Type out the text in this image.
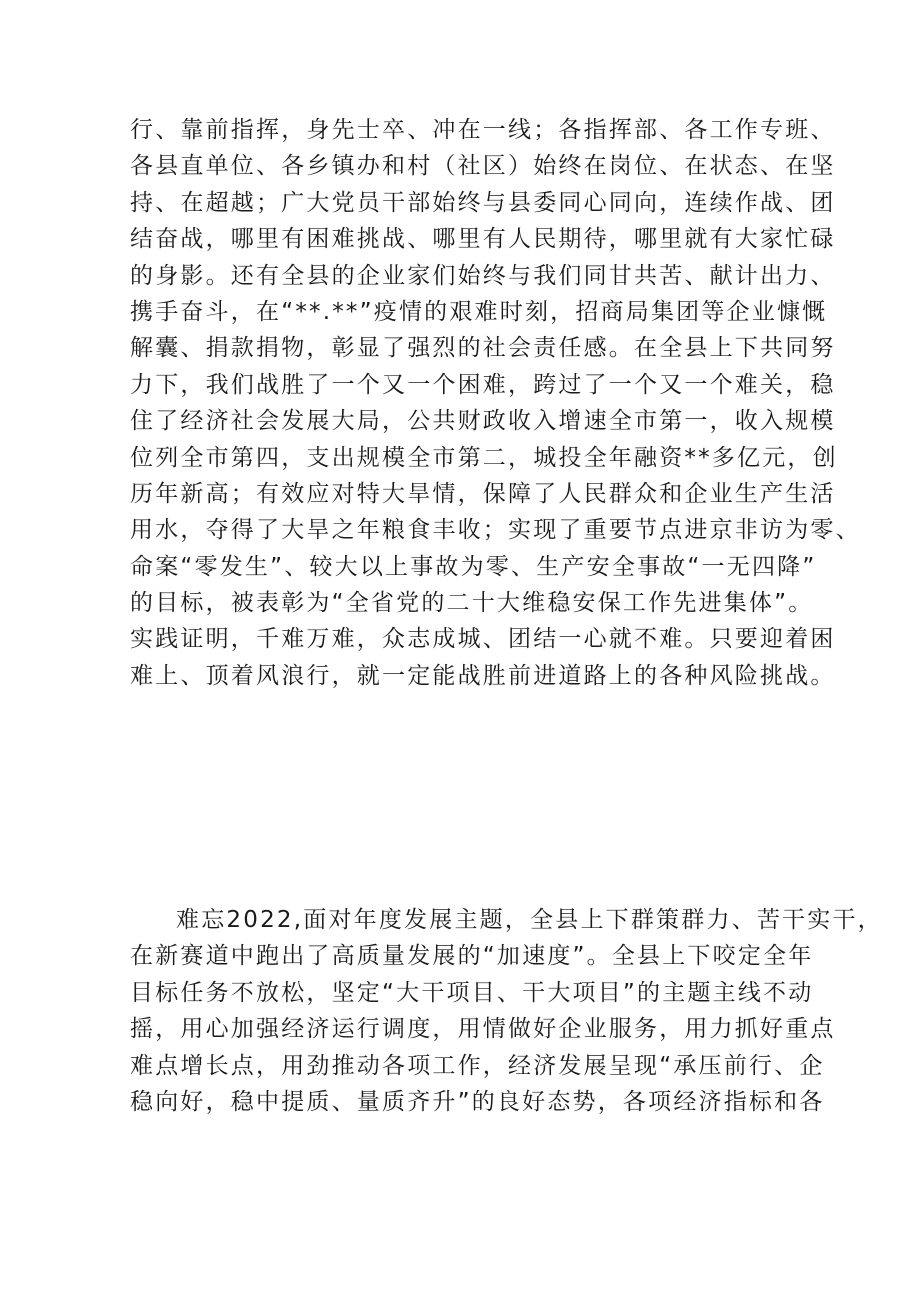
行、靠前指挥，身先士卒、冲在一线；各指挥部、各工作专班、
各县直单位、各乡镇办和村（社区）始终在岗位、在状态、在坚
持、在超越；广大党员干部始终与县委同心同向，连续作战、团
结奋战，哪里有困难挑战、哪里有人民期待，哪里就有大家忙碌
的身影。还有全县的企业家们始终与我们同甘共苦、献计出力、
携手奋斗，在“**.**”疫情的艰难时刻，招商局集团等企业慷慨
解囊、捐款捐物，彰显了强烈的社会责任感。在全县上下共同努
力下，我们战胜了一个又一个困难，跨过了一个又一个难关，稳
住了经济社会发展大局，公共财政收入增速全市第一，收入规模
位列全市第四，支出规模全市第二，城投全年融资**多亿元，创
历年新高；有效应对特大旱情，保障了人民群众和企业生产生活
用水，夺得了大旱之年粮食丰收；实现了重要节点进京非访为零、
命案“零发生”、较大以上事故为零、生产安全事故“一无四降”
的目标，被表彰为“全省党的二十大维稳安保工作先进集体”。
实践证明，千难万难，众志成城、团结一心就不难。只要迎着困
难上、顶着风浪行，就一定能战胜前进道路上的各种风险挑战。
难忘2022,面对年度发展主题，全县上下群策群力、苦干实干，
在新赛道中跑出了高质量发展的“加速度”。全县上下咬定全年
目标任务不放松，坚定“大干项目、干大项目”的主题主线不动
摇，用心加强经济运行调度，用情做好企业服务，用力抓好重点
难点增长点，用劲推动各项工作，经济发展呈现“承压前行、企
稳向好，稳中提质、量质齐升”的良好态势，各项经济指标和各
